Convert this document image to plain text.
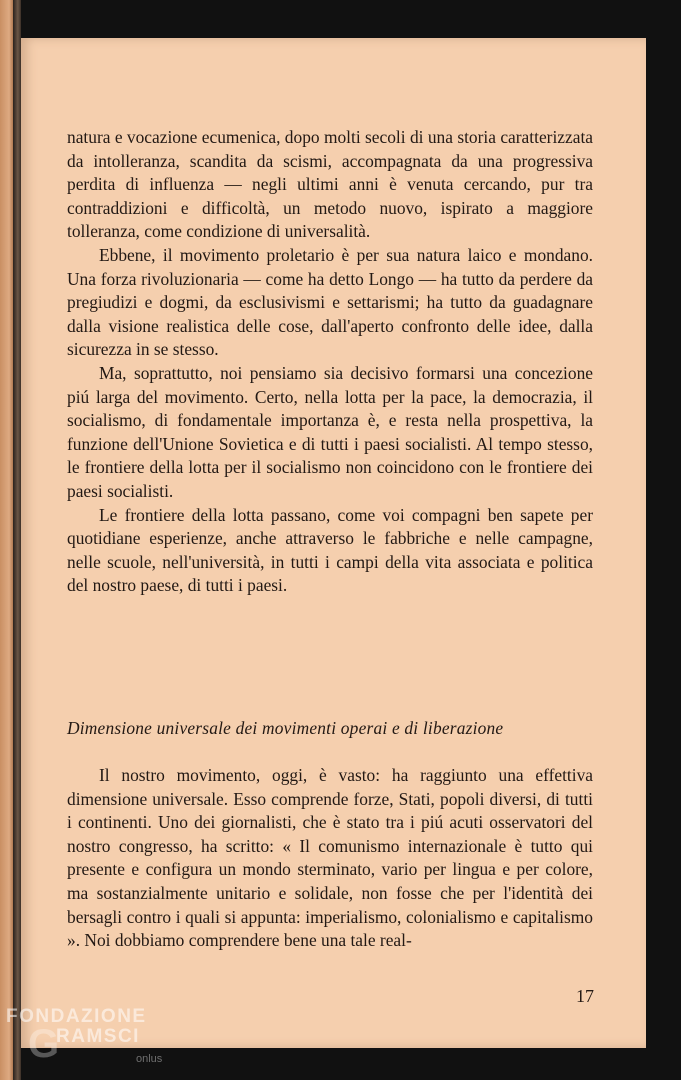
natura e vocazione ecumenica, dopo molti secoli di una storia caratterizzata da intolleranza, scandita da scismi, accompagnata da una progressiva perdita di influenza — negli ultimi anni è venuta cercando, pur tra contraddizioni e difficoltà, un metodo nuovo, ispirato a maggiore tolleranza, come condizione di universalità.

Ebbene, il movimento proletario è per sua natura laico e mondano. Una forza rivoluzionaria — come ha detto Longo — ha tutto da perdere da pregiudizi e dogmi, da esclusivismi e settarismi; ha tutto da guadagnare dalla visione realistica delle cose, dall'aperto confronto delle idee, dalla sicurezza in se stesso.

Ma, soprattutto, noi pensiamo sia decisivo formarsi una concezione piú larga del movimento. Certo, nella lotta per la pace, la democrazia, il socialismo, di fondamentale importanza è, e resta nella prospettiva, la funzione dell'Unione Sovietica e di tutti i paesi socialisti. Al tempo stesso, le frontiere della lotta per il socialismo non coincidono con le frontiere dei paesi socialisti.

Le frontiere della lotta passano, come voi compagni ben sapete per quotidiane esperienze, anche attraverso le fabbriche e nelle campagne, nelle scuole, nell'università, in tutti i campi della vita associata e politica del nostro paese, di tutti i paesi.

Dimensione universale dei movimenti operai e di liberazione

Il nostro movimento, oggi, è vasto: ha raggiunto una effettiva dimensione universale. Esso comprende forze, Stati, popoli diversi, di tutti i continenti. Uno dei giornalisti, che è stato tra i piú acuti osservatori del nostro congresso, ha scritto: « Il comunismo internazionale è tutto qui presente e configura un mondo sterminato, vario per lingua e per colore, ma sostanzialmente unitario e solidale, non fosse che per l'identità dei bersagli contro i quali si appunta: imperialismo, colonialismo e capitalismo ». Noi dobbiamo comprendere bene una tale real-

17
FONDAZIONE
G
RAMSCI
onlus
